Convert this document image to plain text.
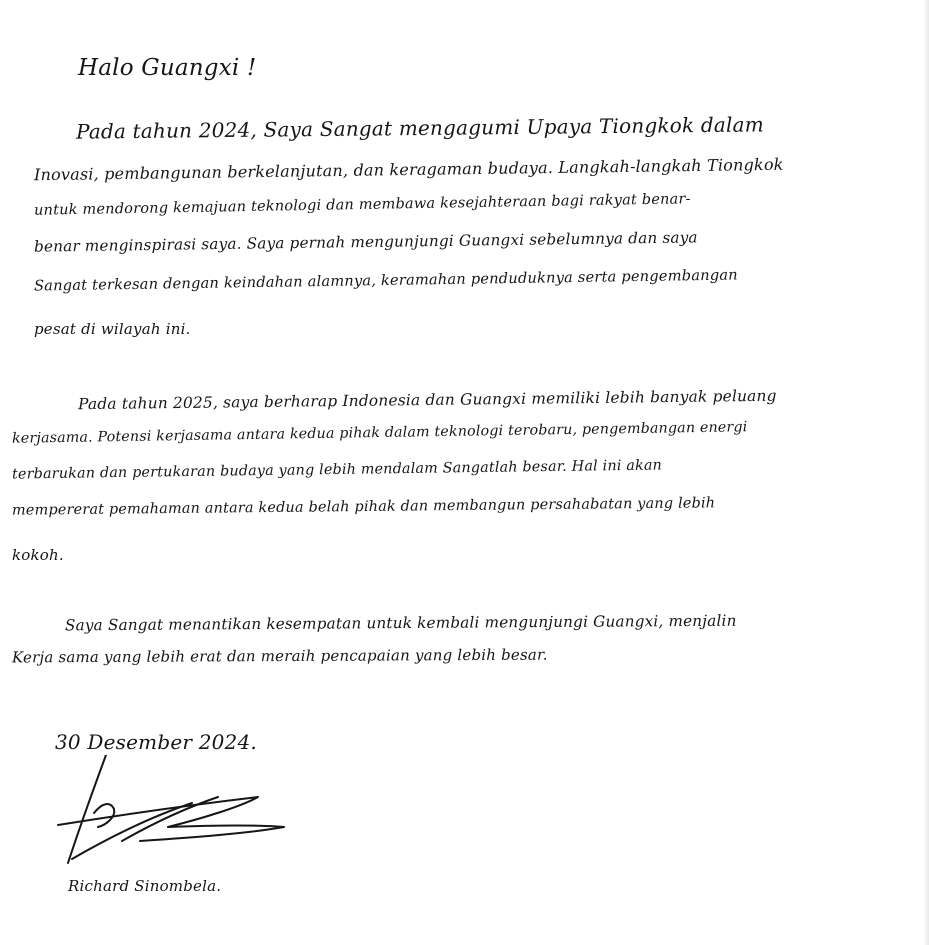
Halo Guangxi !
Pada tahun 2024, Saya Sangat mengagumi Upaya Tiongkok dalam
Inovasi, pembangunan berkelanjutan, dan keragaman budaya. Langkah-langkah Tiongkok
untuk mendorong kemajuan teknologi dan membawa kesejahteraan bagi rakyat benar-
benar menginspirasi saya. Saya pernah mengunjungi Guangxi sebelumnya dan saya
Sangat terkesan dengan keindahan alamnya, keramahan penduduknya serta pengembangan
pesat di wilayah ini.
Pada tahun 2025, saya berharap Indonesia dan Guangxi memiliki lebih banyak peluang
kerjasama. Potensi kerjasama antara kedua pihak dalam teknologi terobaru, pengembangan energi
terbarukan dan pertukaran budaya yang lebih mendalam Sangatlah besar. Hal ini akan
mempererat pemahaman antara kedua belah pihak dan membangun persahabatan yang lebih
kokoh.
Saya Sangat menantikan kesempatan untuk kembali mengunjungi Guangxi, menjalin
Kerja sama yang lebih erat dan meraih pencapaian yang lebih besar.
30 Desember 2024.
Richard Sinombela.
